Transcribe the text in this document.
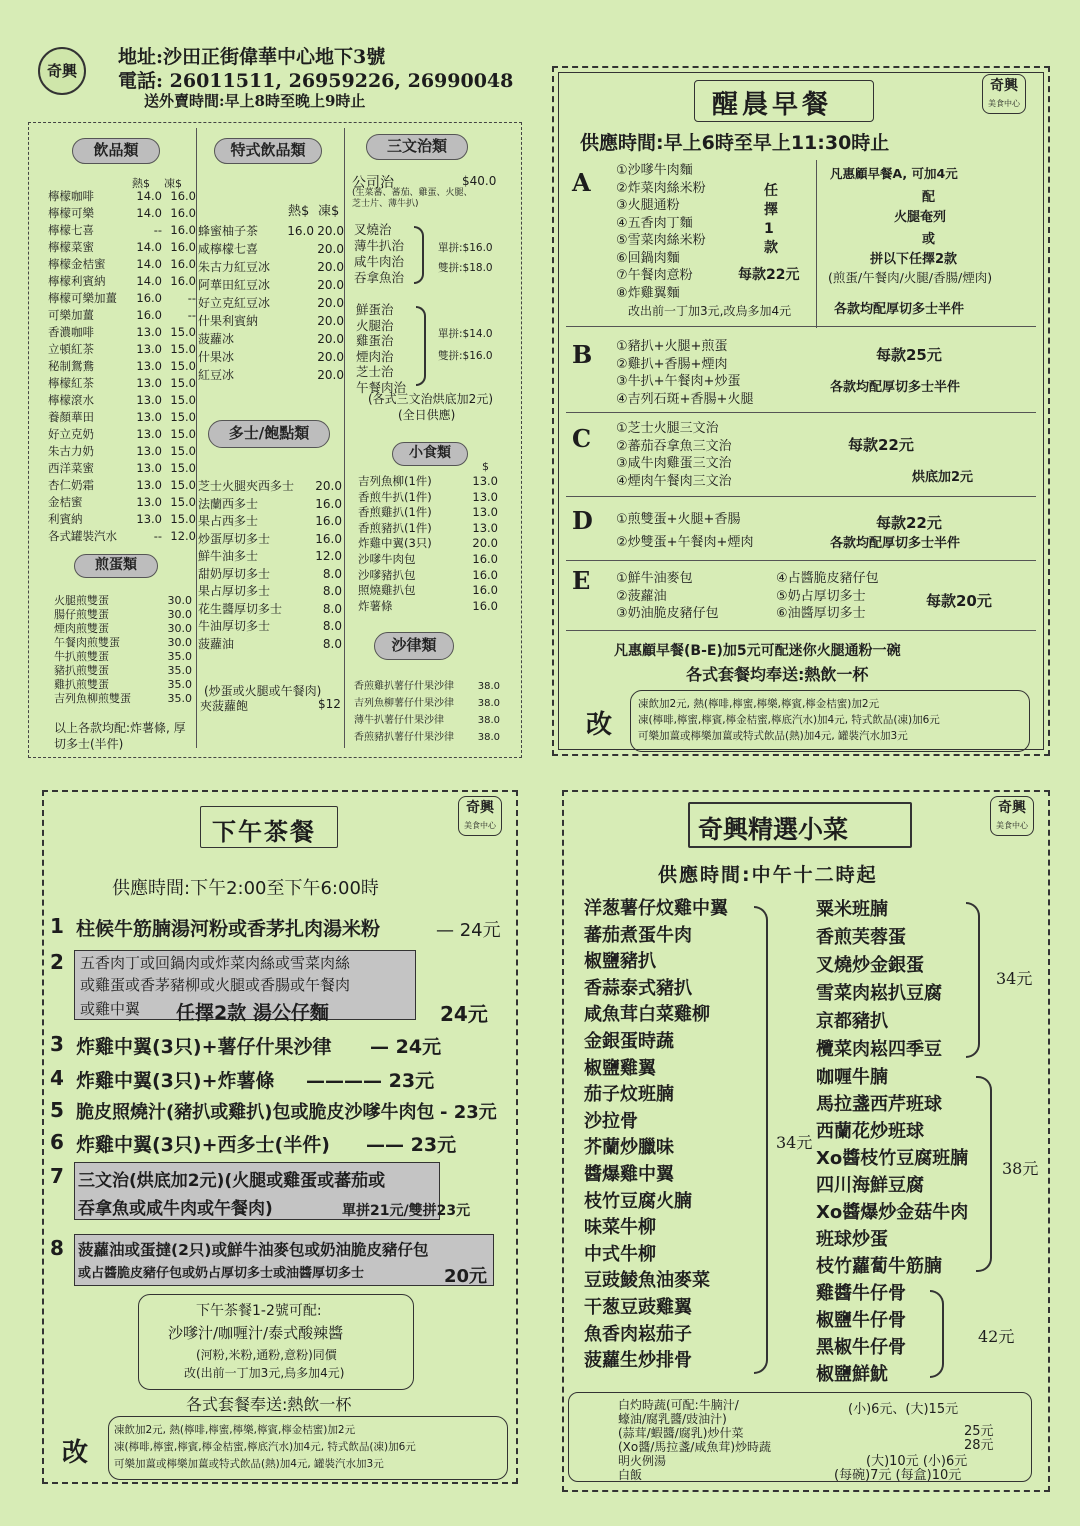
奇興
地址:沙田正街偉華中心地下3號
電話: 26011511, 26959226, 26990048
送外賣時間:早上8時至晚上9時止
飲品類
熱$ 凍$
檸檬咖啡	14.0 16.0
檸檬可樂	14.0 16.0
檸檬七喜	-- 16.0
檸檬菜蜜	14.0 16.0
檸檬金桔蜜	14.0 16.0
檸檬利賓納	14.0 16.0
檸檬可樂加薑	16.0	--
可樂加薑	16.0	--
香濃咖啡	13.0 15.0
立頓紅茶	13.0 15.0
秘制鴛鴦	13.0 15.0
檸檬紅茶	13.0 15.0
檸檬滾水	13.0 15.0
養顏華田	13.0 15.0
好立克奶	13.0 15.0
朱古力奶	13.0 15.0
西洋菜蜜	13.0 15.0
杏仁奶霜	13.0 15.0
金桔蜜	13.0 15.0
利賓納	13.0 15.0
各式罐裝汽水	-- 12.0
煎蛋類
火腿煎雙蛋	30.0
腸仔煎雙蛋	30.0
煙肉煎雙蛋	30.0
午餐肉煎雙蛋	30.0
牛扒煎雙蛋	35.0
豬扒煎雙蛋	35.0
雞扒煎雙蛋	35.0
吉列魚柳煎雙蛋	35.0
以上各款均配:炸薯條, 厚切多士(半件)
特式飲品類
熱$ 凍$
蜂蜜柚子茶	16.0 20.0
咸檸檬七喜	20.0
朱古力紅豆冰	20.0
阿華田紅豆冰	20.0
好立克紅豆冰	20.0
什果利賓納	20.0
菠蘿冰	20.0
什果冰	20.0
紅豆冰	20.0
多士/飽點類
芝士火腿夾西多士	20.0
法蘭西多士	16.0
果占西多士	16.0
炒蛋厚切多士	16.0
鮮牛油多士	12.0
甜奶厚切多士	8.0
果占厚切多士	8.0
花生醬厚切多士	8.0
牛油厚切多士	8.0
菠蘿油	8.0
(炒蛋或火腿或午餐肉)
夾菠蘿飽	$12
三文治類
公司治	$40.0
(生菜蕃、蕃茄、雞蛋、火腿、芝士片、薄牛扒)
叉燒治
薄牛扒治
咸牛肉治
吞拿魚治
單拼:$16.0
雙拼:$18.0
鮮蛋治
火腿治
雞蛋治
煙肉治
芝士治
午餐肉治
單拼:$14.0
雙拼:$16.0
(各式三文治烘底加2元)
(全日供應)
小食類
$
吉列魚柳(1件)	13.0
香煎牛扒(1件)	13.0
香煎雞扒(1件)	13.0
香煎豬扒(1件)	13.0
炸雞中翼(3只)	20.0
沙嗲牛肉包	16.0
沙嗲豬扒包	16.0
照燒雞扒包	16.0
炸薯條	16.0
沙律類
香煎雞扒薯仔什果沙律	38.0
吉列魚柳薯仔什果沙律	38.0
薄牛扒薯仔什果沙律	38.0
香煎豬扒薯仔什果沙律	38.0
醒晨早餐
奇興
美食中心
供應時間:早上6時至早上11:30時止
A ①沙嗲牛肉麵
②炸菜肉絲米粉
③火腿通粉
④五香肉丁麵
⑤雪菜肉絲米粉
⑥回鍋肉麵
⑦午餐肉意粉
⑧炸雞翼麵
任擇1款
每款22元
改出前一丁加3元,改烏多加4元
凡惠顧早餐A, 可加4元
配
火腿奄列
或
拼以下任擇2款
(煎蛋/午餐肉/火腿/香腸/煙肉)
各款均配厚切多士半件
B ①豬扒+火腿+煎蛋
②雞扒+香腸+煙肉
③牛扒+午餐肉+炒蛋
④吉列石斑+香腸+火腿
每款25元
各款均配厚切多士半件
C ①芝士火腿三文治
②蕃茄吞拿魚三文治
③咸牛肉雞蛋三文治
④煙肉午餐肉三文治
每款22元
烘底加2元
D ①煎雙蛋+火腿+香腸
②炒雙蛋+午餐肉+煙肉
每款22元
各款均配厚切多士半件
E ①鮮牛油麥包
②菠蘿油
③奶油脆皮豬仔包
④占醬脆皮豬仔包
⑤奶占厚切多士
⑥油醬厚切多士
每款20元
凡惠顧早餐(B-E)加5元可配迷你火腿通粉一碗
各式套餐均奉送:熱飲一杯
改
凍飲加2元, 熱(檸啡,檸蜜,檸樂,檸賓,檸金桔蜜)加2元
凍(檸啡,檸蜜,檸賓,檸金桔蜜,檸底汽水)加4元, 特式飲品(凍)加6元
可樂加薑或檸樂加薑或特式飲品(熱)加4元, 罐裝汽水加3元
下午茶餐
奇興
美食中心
供應時間:下午2:00至下午6:00時
1 柱候牛筋腩湯河粉或香茅扎肉湯米粉	— 24元
2 五香肉丁或回鍋肉或炸菜肉絲或雪菜肉絲
或雞蛋或香茅豬柳或火腿或香腸或午餐肉
或雞中翼 任擇2款 湯公仔麵	24元
3 炸雞中翼(3只)+薯仔什果沙律 — 24元
4 炸雞中翼(3只)+炸薯條 ———— 23元
5 脆皮照燒汁(豬扒或雞扒)包或脆皮沙嗲牛肉包 - 23元
6 炸雞中翼(3只)+西多士(半件) —— 23元
7 三文治(烘底加2元)(火腿或雞蛋或蕃茄或
吞拿魚或咸牛肉或午餐肉)	單拼21元/雙拼23元
8 菠蘿油或蛋撻(2只)或鮮牛油麥包或奶油脆皮豬仔包
或占醬脆皮豬仔包或奶占厚切多士或油醬厚切多士	20元
下午茶餐1-2號可配:
沙嗲汁/咖喱汁/泰式酸辣醬
(河粉,米粉,通粉,意粉)同價
改(出前一丁加3元,烏多加4元)
各式套餐奉送:熱飲一杯
改
凍飲加2元, 熱(檸啡,檸蜜,檸樂,檸賓,檸金桔蜜)加2元
凍(檸啡,檸蜜,檸賓,檸金桔蜜,檸底汽水)加4元, 特式飲品(凍)加6元
可樂加薑或檸樂加薑或特式飲品(熱)加4元, 罐裝汽水加3元
奇興精選小菜
奇興
美食中心
供應時間:中午十二時起
洋葱薯仔炆雞中翼
蕃茄煮蛋牛肉
椒鹽豬扒
香蒜泰式豬扒
咸魚茸白菜雞柳
金銀蛋時蔬
椒鹽雞翼
茄子炆班腩
沙拉骨
芥蘭炒臘味
醬爆雞中翼
枝竹豆腐火腩
味菜牛柳
中式牛柳
豆豉鯪魚油麥菜
干葱豆豉雞翼
魚香肉崧茄子
菠蘿生炒排骨
34元
粟米班腩
香煎芙蓉蛋
叉燒炒金銀蛋
雪菜肉崧扒豆腐
京都豬扒
欖菜肉崧四季豆
34元
咖喱牛腩
馬拉盞西芹班球
西蘭花炒班球
Xo醬枝竹豆腐班腩
四川海鮮豆腐
Xo醬爆炒金菇牛肉
班球炒蛋
枝竹蘿蔔牛筋腩
38元
雞醬牛仔骨
椒鹽牛仔骨
黑椒牛仔骨
椒鹽鮮魷
42元
白灼時蔬(可配:牛腩汁/
蠔油/腐乳醬/豉油汁)
(小)6元、(大)15元
(蒜茸/蝦醬/腐乳)炒什菜	25元
(Xo醬/馬拉盞/咸魚茸)炒時蔬	28元
明火例湯	(大)10元 (小)6元
白飯	(每碗)7元 (每盒)10元
